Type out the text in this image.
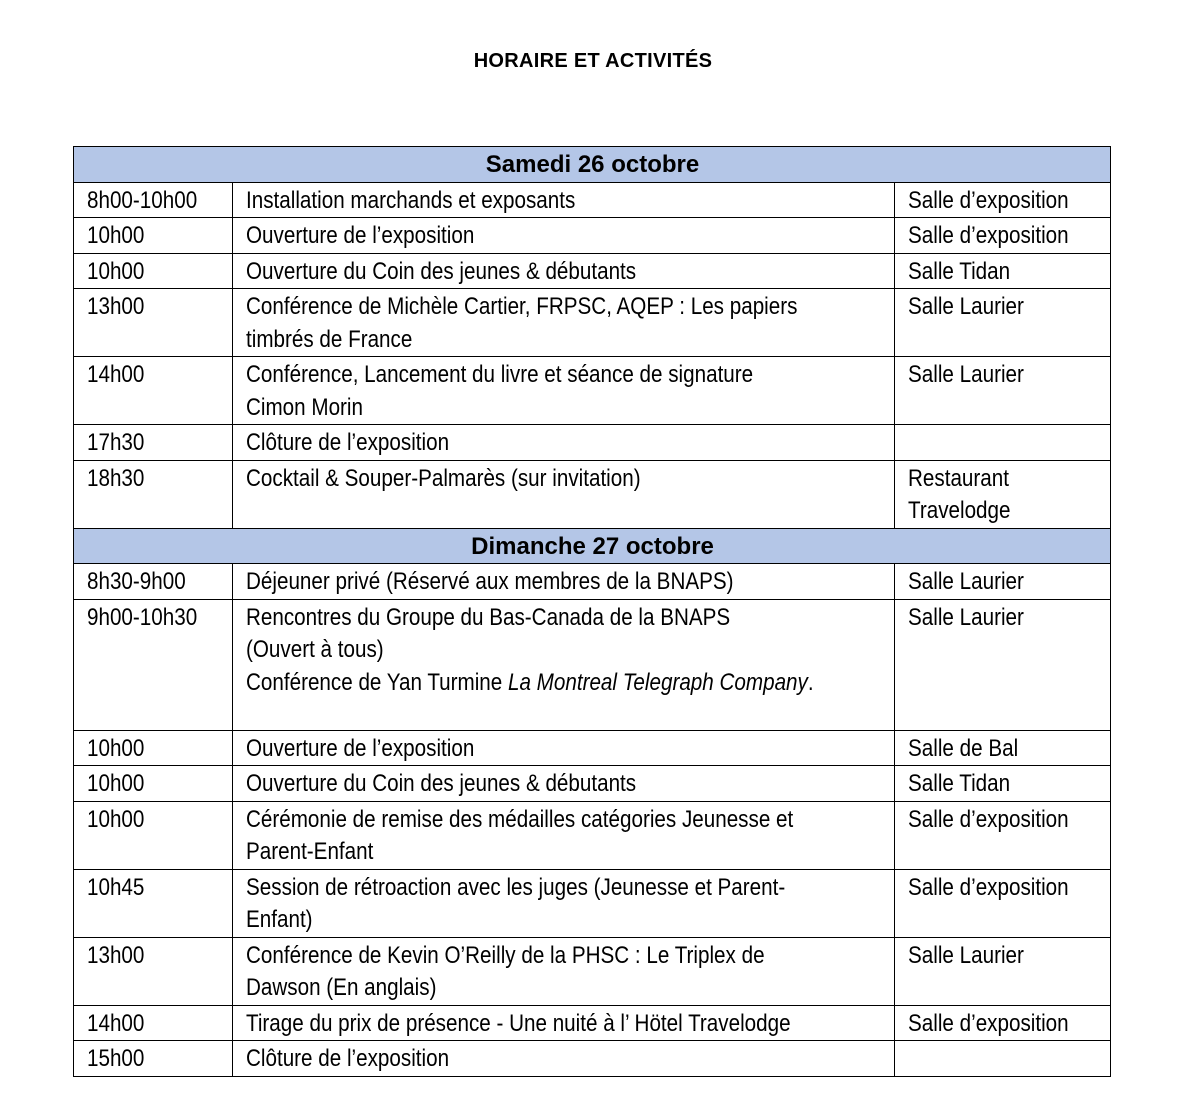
HORAIRE ET ACTIVITÉS
Samedi 26 octobre		

8h00-10h00	Installation marchands et exposants	Salle d’exposition

10h00	Ouverture de l’exposition	Salle d’exposition

10h00	Ouverture du Coin des jeunes & débutants	Salle Tidan

13h00	Conférence de Michèle Cartier, FRPSC, AQEP : Les papiers
timbrés de France	Salle Laurier

14h00	Conférence, Lancement du livre et séance de signature
Cimon Morin	Salle Laurier

17h30	Clôture de l’exposition	

18h30	Cocktail & Souper-Palmarès (sur invitation)	Restaurant
Travelodge

Dimanche 27 octobre		

8h30-9h00	Déjeuner privé (Réservé aux membres de la BNAPS)	Salle Laurier

9h00-10h30	Rencontres du Groupe du Bas-Canada de la BNAPS
(Ouvert à tous)
Conférence de Yan Turmine La Montreal Telegraph Company.	Salle Laurier

10h00	Ouverture de l’exposition	Salle de Bal

10h00	Ouverture du Coin des jeunes & débutants	Salle Tidan

10h00	Cérémonie de remise des médailles catégories Jeunesse et
Parent-Enfant	Salle d’exposition

10h45	Session de rétroaction avec les juges (Jeunesse et Parent-
Enfant)	Salle d’exposition

13h00	Conférence de Kevin O’Reilly de la PHSC : Le Triplex de
Dawson (En anglais)	Salle Laurier

14h00	Tirage du prix de présence - Une nuité à l’ Hötel Travelodge	Salle d’exposition

15h00	Clôture de l’exposition	
